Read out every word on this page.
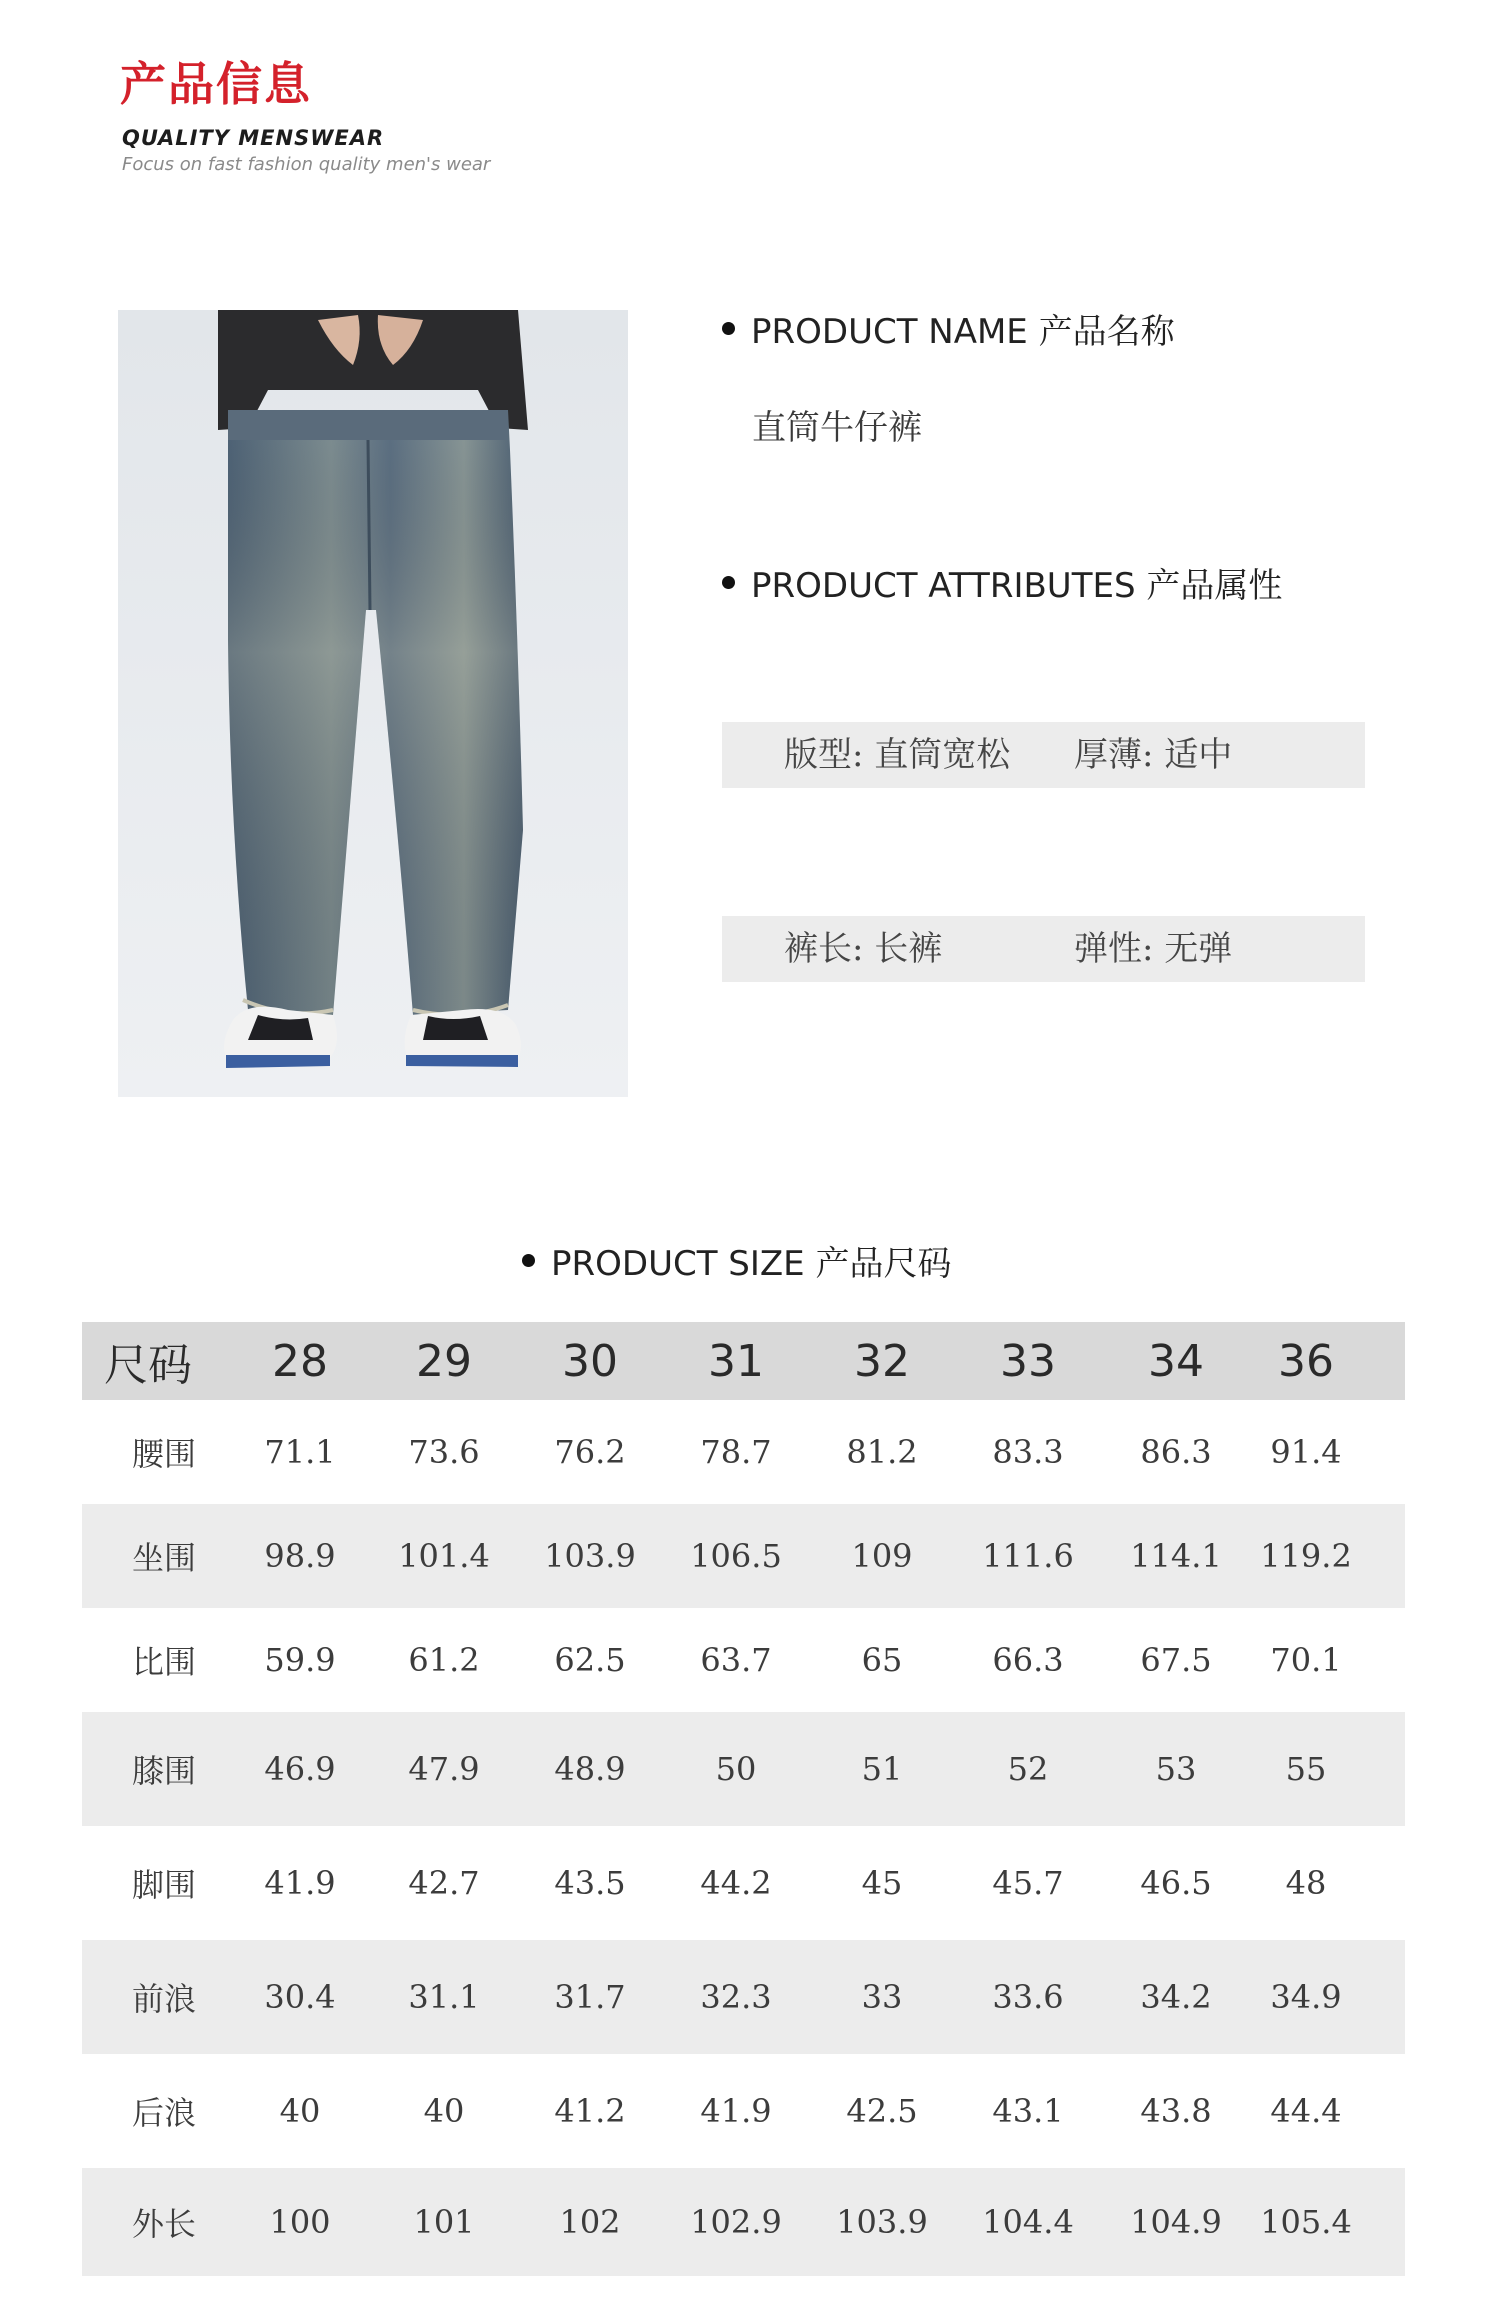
产品信息
QUALITY MENSWEAR
Focus on fast fashion quality men's wear
PRODUCT NAME 产品名称
直筒牛仔裤
PRODUCT ATTRIBUTES 产品属性
版型: 直筒宽松 厚薄: 适中
裤长: 长裤	弹性: 无弹
PRODUCT SIZE 产品尺码
尺码	28	29	30	31	32	33	34	36
腰围	71.1	73.6	76.2	78.7	81.2	83.3	86.3	91.4
坐围	98.9	101.4	103.9	106.5	109	111.6	114.1	119.2
比围	59.9	61.2	62.5	63.7	65	66.3	67.5	70.1
膝围	46.9	47.9	48.9	50	51	52	53	55
脚围	41.9	42.7	43.5	44.2	45	45.7	46.5	48
前浪	30.4	31.1	31.7	32.3	33	33.6	34.2	34.9
后浪	40	40	41.2	41.9	42.5	43.1	43.8	44.4
外长	100	101	102	102.9	103.9	104.4	104.9	105.4
